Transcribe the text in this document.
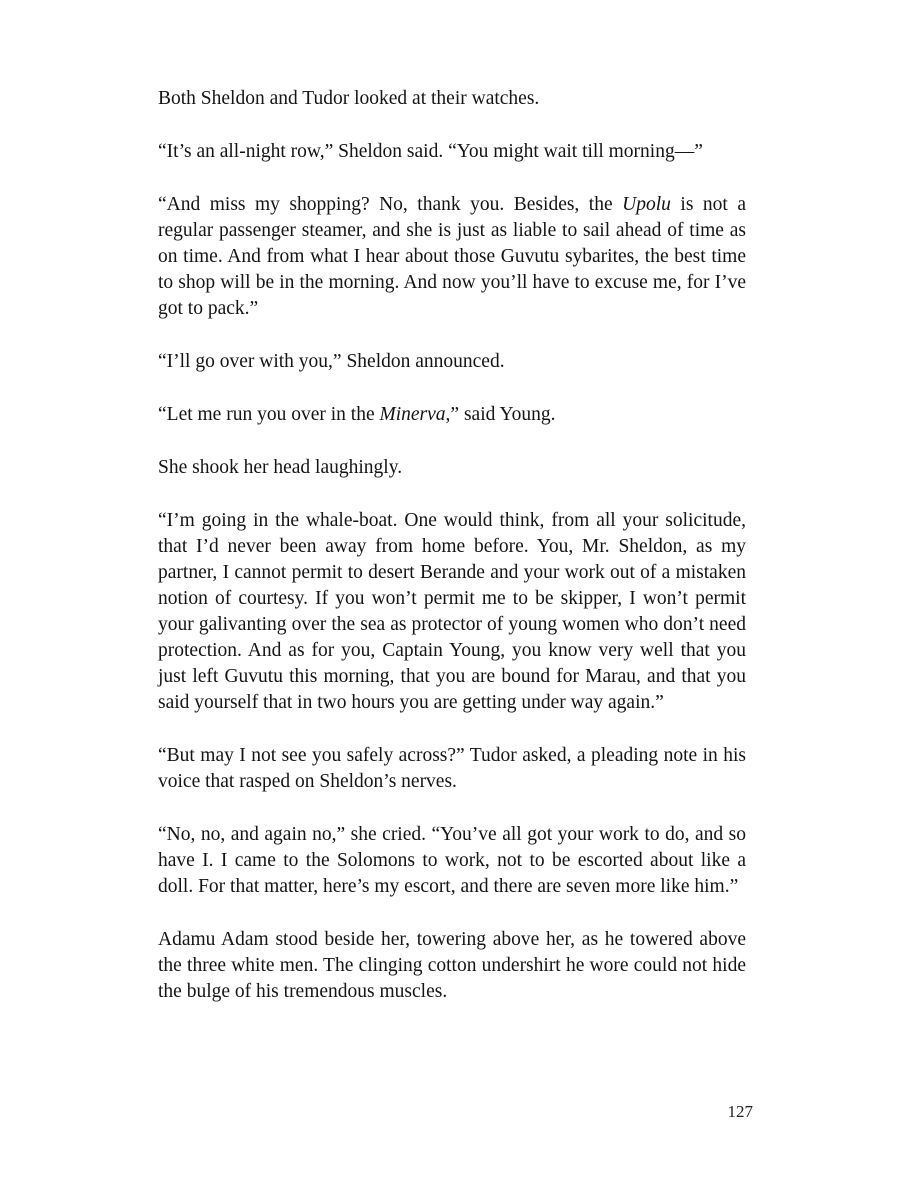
Both Sheldon and Tudor looked at their watches.

“It’s an all-night row,” Sheldon said. “You might wait till morning—”

“And miss my shopping? No, thank you. Besides, the Upolu is not a regular passenger steamer, and she is just as liable to sail ahead of time as on time. And from what I hear about those Guvutu sybarites, the best time to shop will be in the morning. And now you’ll have to excuse me, for I’ve got to pack.”

“I’ll go over with you,” Sheldon announced.

“Let me run you over in the Minerva,” said Young.

She shook her head laughingly.

“I’m going in the whale-boat. One would think, from all your solicitude, that I’d never been away from home before. You, Mr. Sheldon, as my partner, I cannot permit to desert Berande and your work out of a mistaken notion of courtesy. If you won’t permit me to be skipper, I won’t permit your galivanting over the sea as protector of young women who don’t need protection. And as for you, Captain Young, you know very well that you just left Guvutu this morning, that you are bound for Marau, and that you said yourself that in two hours you are getting under way again.”

“But may I not see you safely across?” Tudor asked, a pleading note in his voice that rasped on Sheldon’s nerves.

“No, no, and again no,” she cried. “You’ve all got your work to do, and so have I. I came to the Solomons to work, not to be escorted about like a doll. For that matter, here’s my escort, and there are seven more like him.”

Adamu Adam stood beside her, towering above her, as he towered above the three white men. The clinging cotton undershirt he wore could not hide the bulge of his tremendous muscles.

127
